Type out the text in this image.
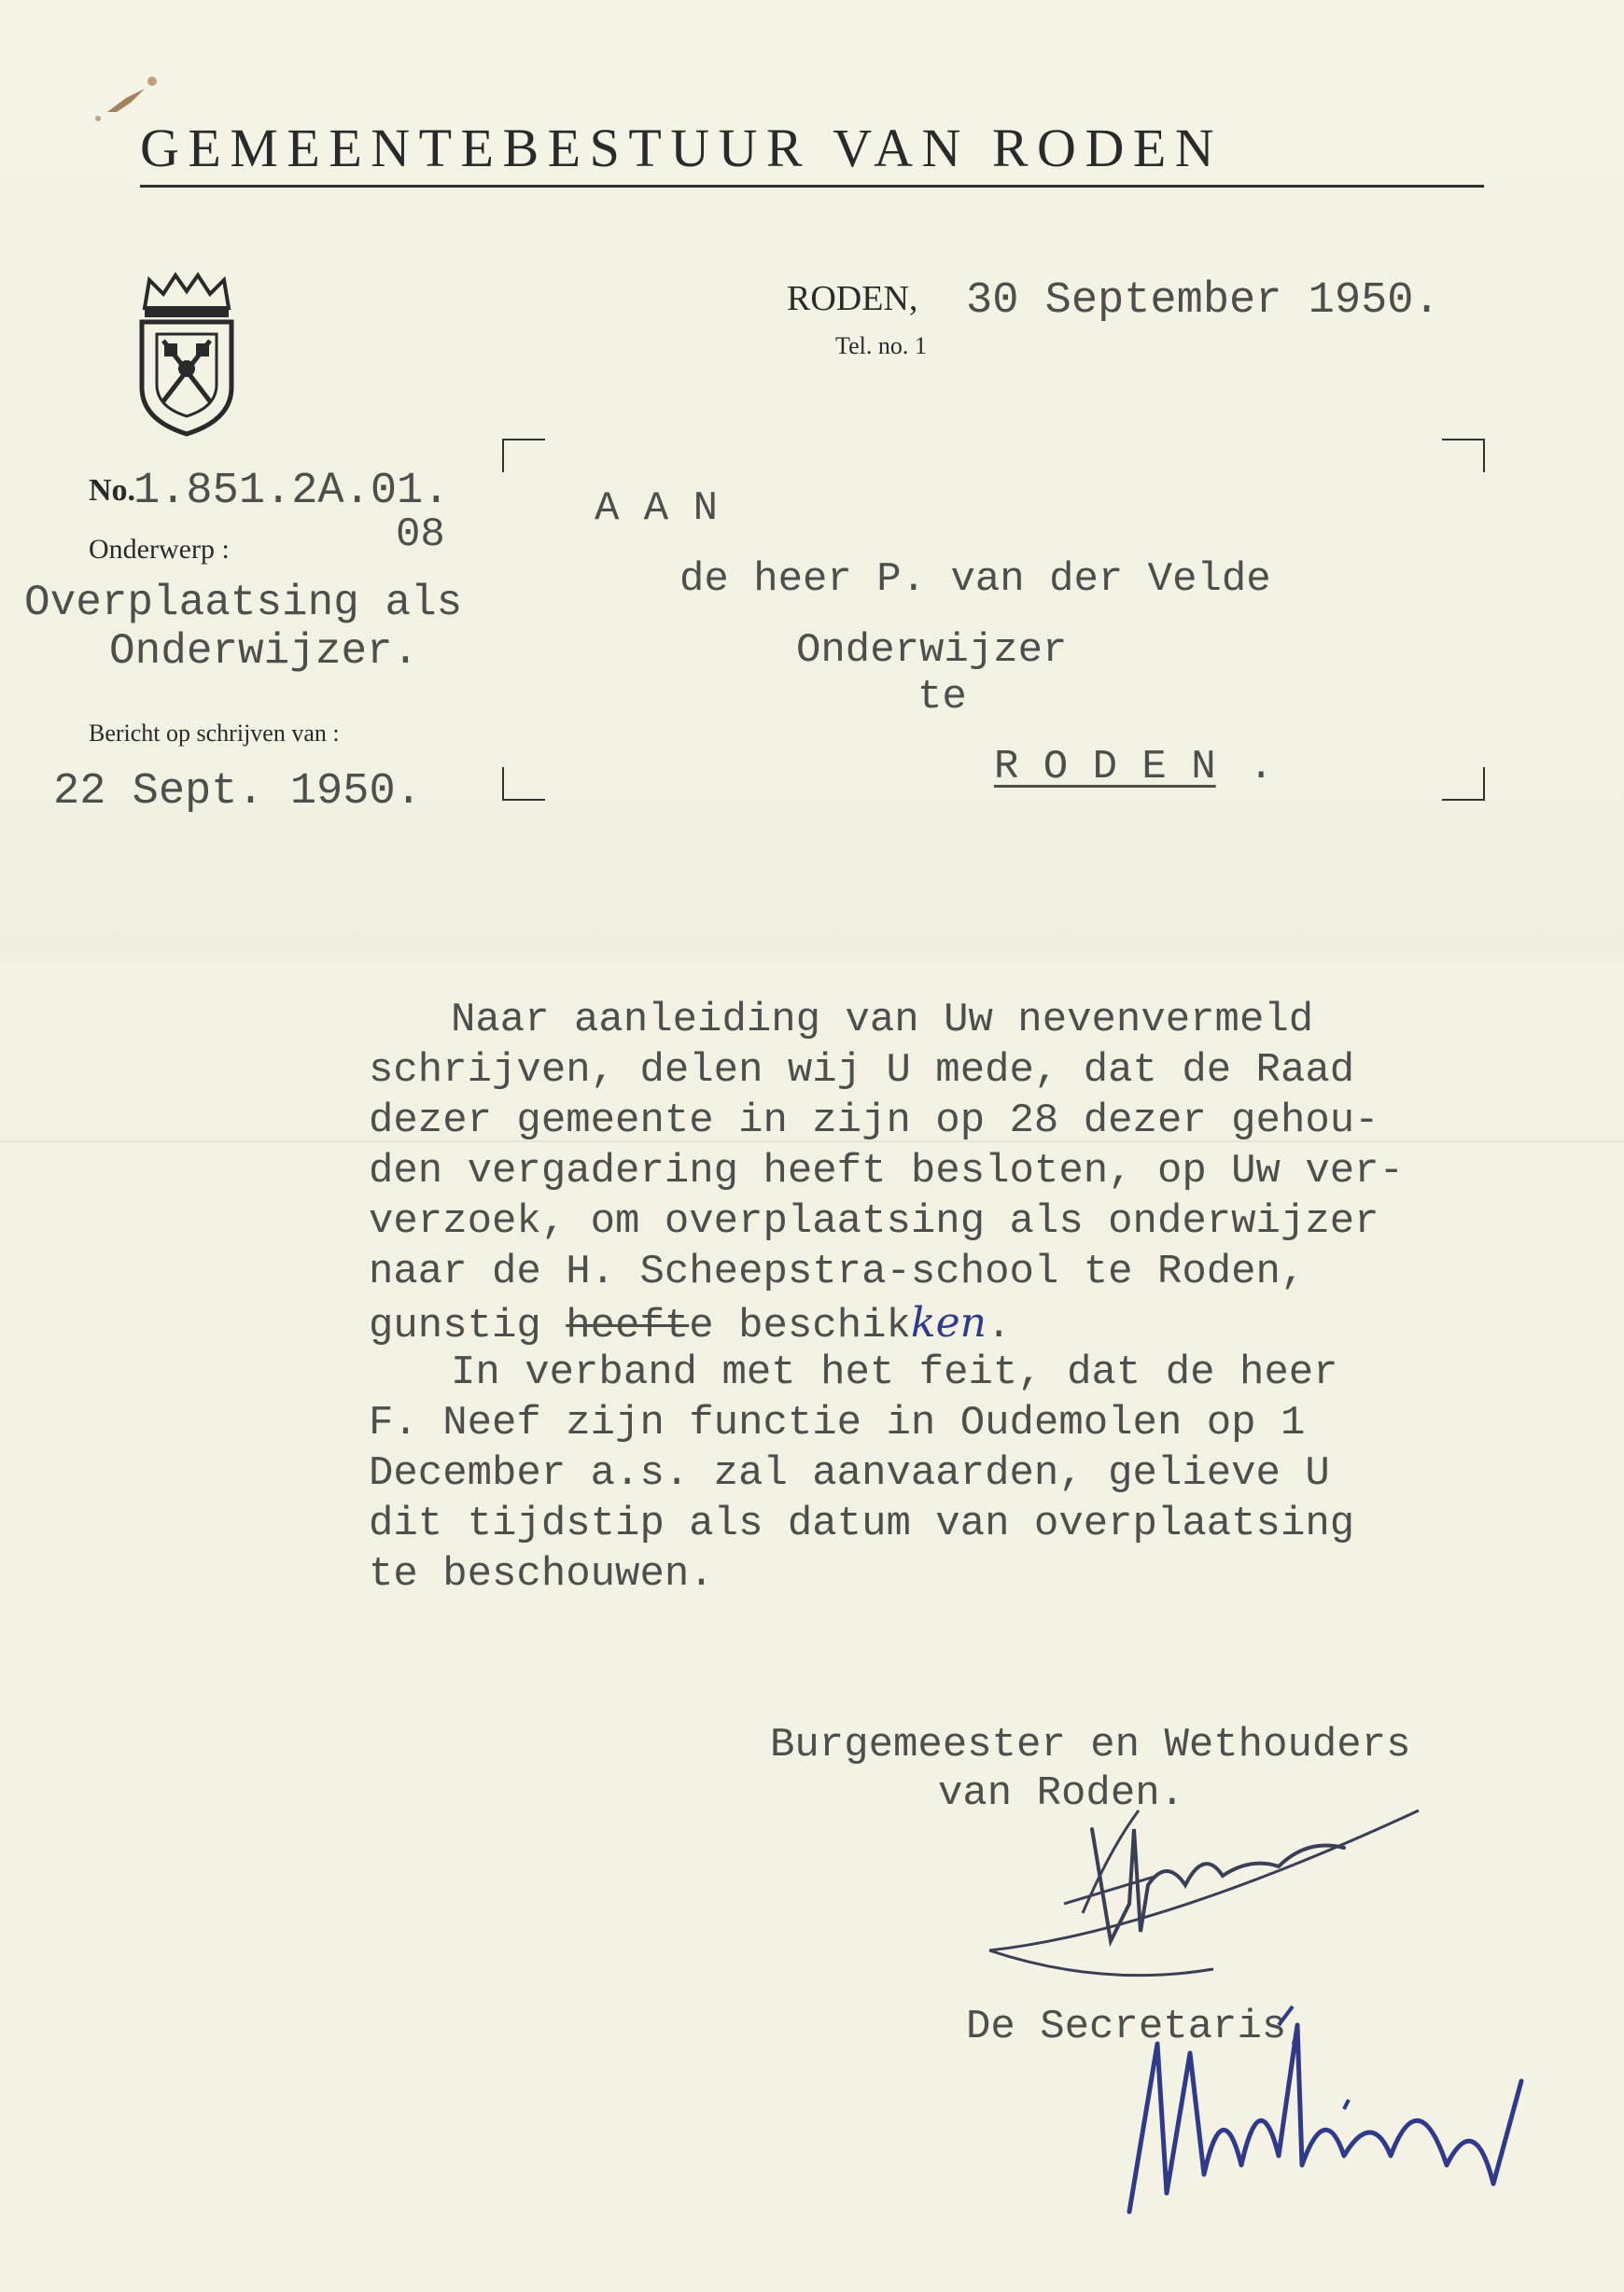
GEMEENTEBESTUUR VAN RODEN
RODEN, 30 September 1950.
Tel. no. 1
No.
1.851.2A.01.
08
Onderwerp :
Overplaatsing als
Onderwijzer.
Bericht op schrijven van :
22 Sept. 1950.
A A N
de heer P. van der Velde
Onderwijzer
te
R O D E N .
Naar aanleiding van Uw nevenvermeld
schrijven, delen wij U mede, dat de Raad
dezer gemeente in zijn op 28 dezer gehou-
den vergadering heeft besloten, op Uw ver-
verzoek, om overplaatsing als onderwijzer
naar de H. Scheepstra-school te Roden,
gunstig heefte beschikken.
In verband met het feit, dat de heer
F. Neef zijn functie in Oudemolen op 1
December a.s. zal aanvaarden, gelieve U
dit tijdstip als datum van overplaatsing
te beschouwen.
Burgemeester en Wethouders
van Roden.
De Secretaris,
